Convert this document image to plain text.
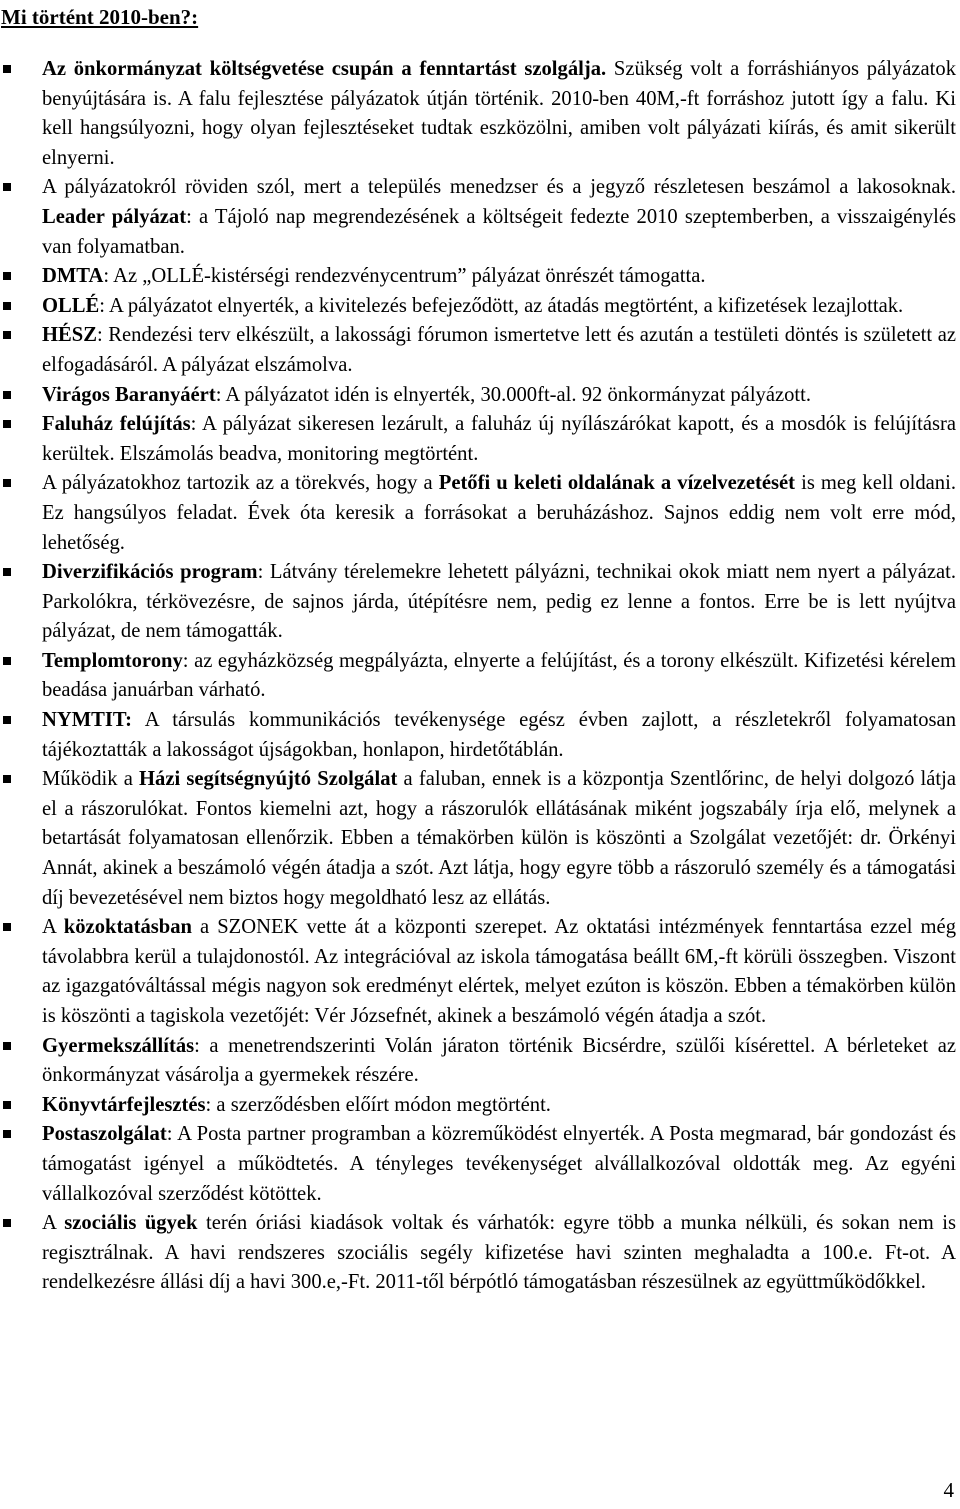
Mi történt 2010-ben?:
Az önkormányzat költségvetése csupán a fenntartást szolgálja. Szükség volt a forráshiányos pályázatok benyújtására is. A falu fejlesztése pályázatok útján történik. 2010-ben 40M,-ft forráshoz jutott így a falu. Ki kell hangsúlyozni, hogy olyan fejlesztéseket tudtak eszközölni, amiben volt pályázati kiírás, és amit sikerült elnyerni.
A pályázatokról röviden szól, mert a település menedzser és a jegyző részletesen beszámol a lakosoknak. Leader pályázat: a Tájoló nap megrendezésének a költségeit fedezte 2010 szeptemberben, a visszaigénylés van folyamatban.
DMTA: Az „OLLÉ-kistérségi rendezvénycentrum” pályázat önrészét támogatta.
OLLÉ: A pályázatot elnyerték, a kivitelezés befejeződött, az átadás megtörtént, a kifizetések lezajlottak.
HÉSZ: Rendezési terv elkészült, a lakossági fórumon ismertetve lett és azután a testületi döntés is született az elfogadásáról. A pályázat elszámolva.
Virágos Baranyáért: A pályázatot idén is elnyerték, 30.000ft-al. 92 önkormányzat pályázott.
Faluház felújítás: A pályázat sikeresen lezárult, a faluház új nyílászárókat kapott, és a mosdók is felújításra kerültek. Elszámolás beadva, monitoring megtörtént.
A pályázatokhoz tartozik az a törekvés, hogy a Petőfi u keleti oldalának a vízelvezetését is meg kell oldani. Ez hangsúlyos feladat. Évek óta keresik a forrásokat a beruházáshoz. Sajnos eddig nem volt erre mód, lehetőség.
Diverzifikációs program: Látvány térelemekre lehetett pályázni, technikai okok miatt nem nyert a pályázat. Parkolókra, térkövezésre, de sajnos járda, útépítésre nem, pedig ez lenne a fontos. Erre be is lett nyújtva pályázat, de nem támogatták.
Templomtorony: az egyházközség megpályázta, elnyerte a felújítást, és a torony elkészült. Kifizetési kérelem beadása januárban várható.
NYMTIT: A társulás kommunikációs tevékenysége egész évben zajlott, a részletekről folyamatosan tájékoztatták a lakosságot újságokban, honlapon, hirdetőtáblán.
Működik a Házi segítségnyújtó Szolgálat a faluban, ennek is a központja Szentlőrinc, de helyi dolgozó látja el a rászorulókat. Fontos kiemelni azt, hogy a rászorulók ellátásának miként jogszabály írja elő, melynek a betartását folyamatosan ellenőrzik. Ebben a témakörben külön is köszönti a Szolgálat vezetőjét: dr. Örkényi Annát, akinek a beszámoló végén átadja a szót. Azt látja, hogy egyre több a rászoruló személy és a támogatási díj bevezetésével nem biztos hogy megoldható lesz az ellátás.
A közoktatásban a SZONEK vette át a központi szerepet. Az oktatási intézmények fenntartása ezzel még távolabbra kerül a tulajdonostól. Az integrációval az iskola támogatása beállt 6M,-ft körüli összegben. Viszont az igazgatóváltással mégis nagyon sok eredményt elértek, melyet ezúton is köszön. Ebben a témakörben külön is köszönti a tagiskola vezetőjét: Vér Józsefnét, akinek a beszámoló végén átadja a szót.
Gyermekszállítás: a menetrendszerinti Volán járaton történik Bicsérdre, szülői kísérettel. A bérleteket az önkormányzat vásárolja a gyermekek részére.
Könyvtárfejlesztés: a szerződésben előírt módon megtörtént.
Postaszolgálat: A Posta partner programban a közreműködést elnyerték. A Posta megmarad, bár gondozást és támogatást igényel a működtetés. A tényleges tevékenységet alvállalkozóval oldották meg. Az egyéni vállalkozóval szerződést kötöttek.
A szociális ügyek terén óriási kiadások voltak és várhatók: egyre több a munka nélküli, és sokan nem is regisztrálnak. A havi rendszeres szociális segély kifizetése havi szinten meghaladta a 100.e. Ft-ot. A rendelkezésre állási díj a havi 300.e,-Ft. 2011-től bérpótló támogatásban részesülnek az együttműködőkkel.
4
